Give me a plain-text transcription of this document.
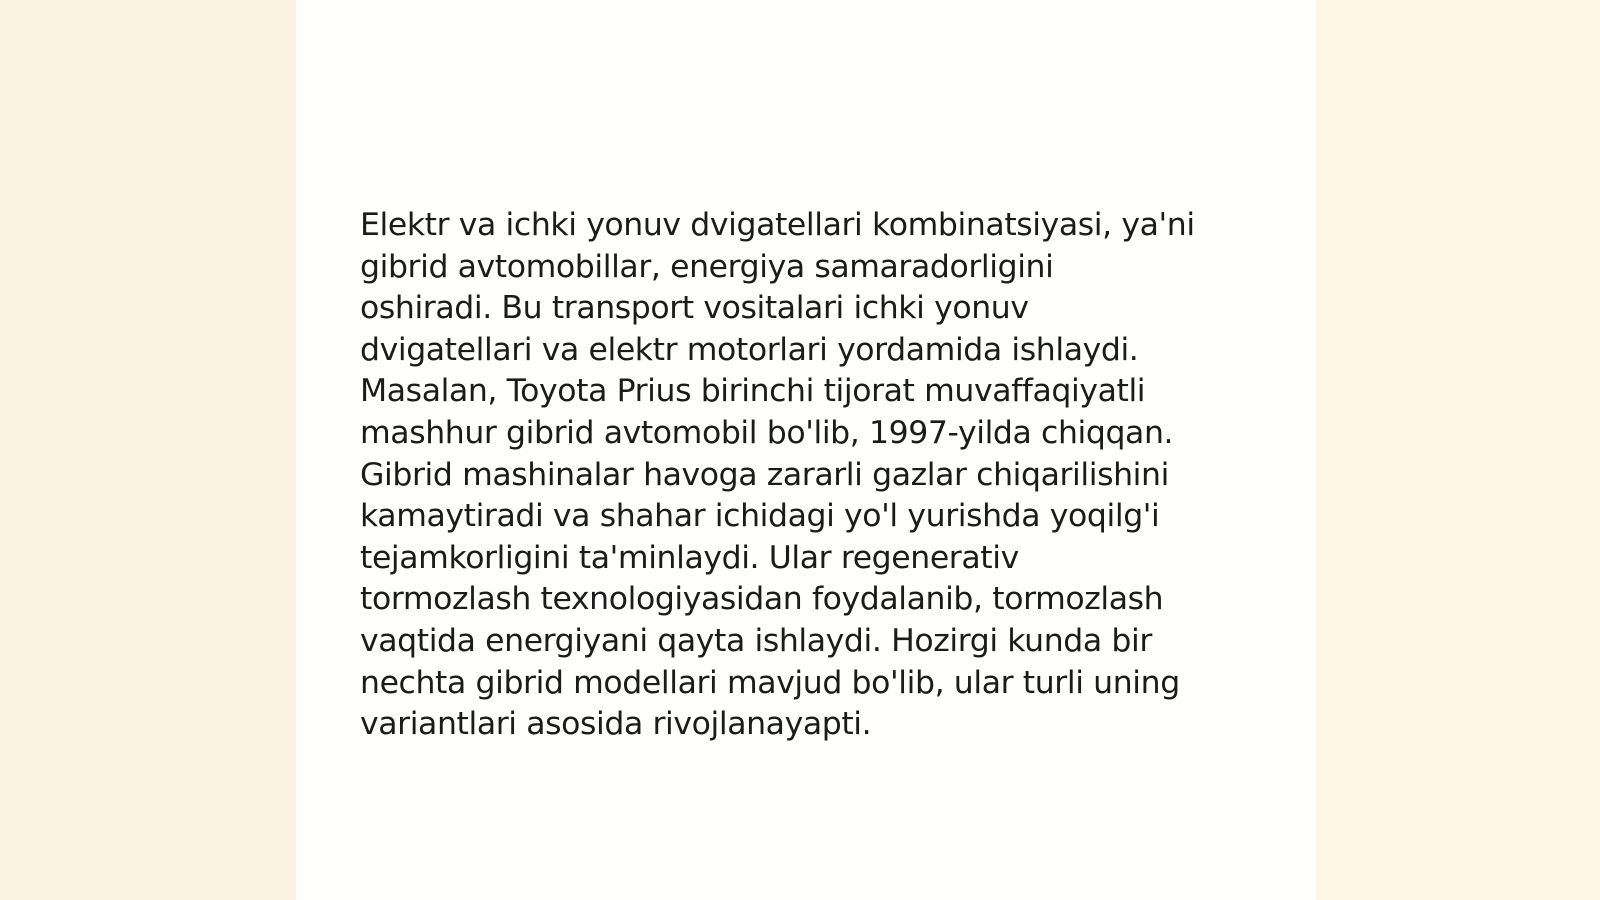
Elektr va ichki yonuv dvigatellari kombinatsiyasi, ya'ni
gibrid avtomobillar, energiya samaradorligini
oshiradi. Bu transport vositalari ichki yonuv
dvigatellari va elektr motorlari yordamida ishlaydi.
Masalan, Toyota Prius birinchi tijorat muvaffaqiyatli
mashhur gibrid avtomobil bo'lib, 1997-yilda chiqqan.
Gibrid mashinalar havoga zararli gazlar chiqarilishini
kamaytiradi va shahar ichidagi yo'l yurishda yoqilg'i
tejamkorligini ta'minlaydi. Ular regenerativ
tormozlash texnologiyasidan foydalanib, tormozlash
vaqtida energiyani qayta ishlaydi. Hozirgi kunda bir
nechta gibrid modellari mavjud bo'lib, ular turli uning
variantlari asosida rivojlanayapti.
